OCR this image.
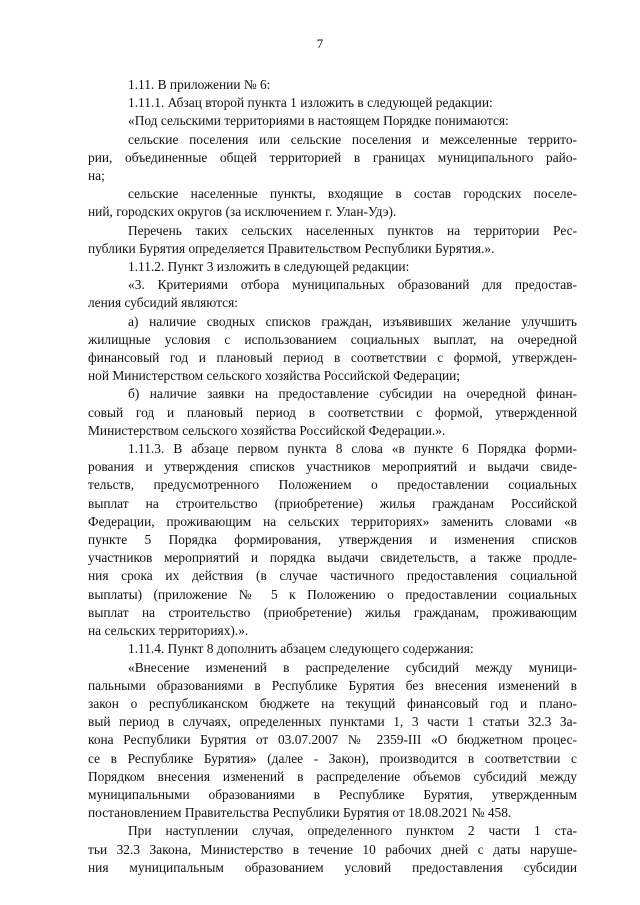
7
1.11. В приложении № 6:
1.11.1. Абзац второй пункта 1 изложить в следующей редакции:
«Под сельскими территориями в настоящем Порядке понимаются:
сельские поселения или сельские поселения и межселенные террито-
рии, объединенные общей территорией в границах муниципального райо-
на;
сельские населенные пункты, входящие в состав городских поселе-
ний, городских округов (за исключением г. Улан-Удэ).
Перечень таких сельских населенных пунктов на территории Рес-
публики Бурятия определяется Правительством Республики Бурятия.».
1.11.2. Пункт 3 изложить в следующей редакции:
«3. Критериями отбора муниципальных образований для предостав-
ления субсидий являются:
а) наличие сводных списков граждан, изъявивших желание улучшить
жилищные условия с использованием социальных выплат, на очередной
финансовый год и плановый период в соответствии с формой, утвержден-
ной Министерством сельского хозяйства Российской Федерации;
б) наличие заявки на предоставление субсидии на очередной финан-
совый год и плановый период в соответствии с формой, утвержденной
Министерством сельского хозяйства Российской Федерации.».
1.11.3. В абзаце первом пункта 8 слова «в пункте 6 Порядка форми-
рования и утверждения списков участников мероприятий и выдачи свиде-
тельств, предусмотренного Положением о предоставлении социальных
выплат на строительство (приобретение) жилья гражданам Российской
Федерации, проживающим на сельских территориях» заменить словами «в
пункте 5 Порядка формирования, утверждения и изменения списков
участников мероприятий и порядка выдачи свидетельств, а также продле-
ния срока их действия (в случае частичного предоставления социальной
выплаты) (приложение № 5 к Положению о предоставлении социальных
выплат на строительство (приобретение) жилья гражданам, проживающим
на сельских территориях).».
1.11.4. Пункт 8 дополнить абзацем следующего содержания:
«Внесение изменений в распределение субсидий между муници-
пальными образованиями в Республике Бурятия без внесения изменений в
закон о республиканском бюджете на текущий финансовый год и плано-
вый период в случаях, определенных пунктами 1, 3 части 1 статьи 32.3 За-
кона Республики Бурятия от 03.07.2007 № 2359-III «О бюджетном процес-
се в Республике Бурятия» (далее - Закон), производится в соответствии с
Порядком внесения изменений в распределение объемов субсидий между
муниципальными образованиями в Республике Бурятия, утвержденным
постановлением Правительства Республики Бурятия от 18.08.2021 № 458.
При наступлении случая, определенного пунктом 2 части 1 ста-
тьи 32.3 Закона, Министерство в течение 10 рабочих дней с даты наруше-
ния муниципальным образованием условий предоставления субсидии
